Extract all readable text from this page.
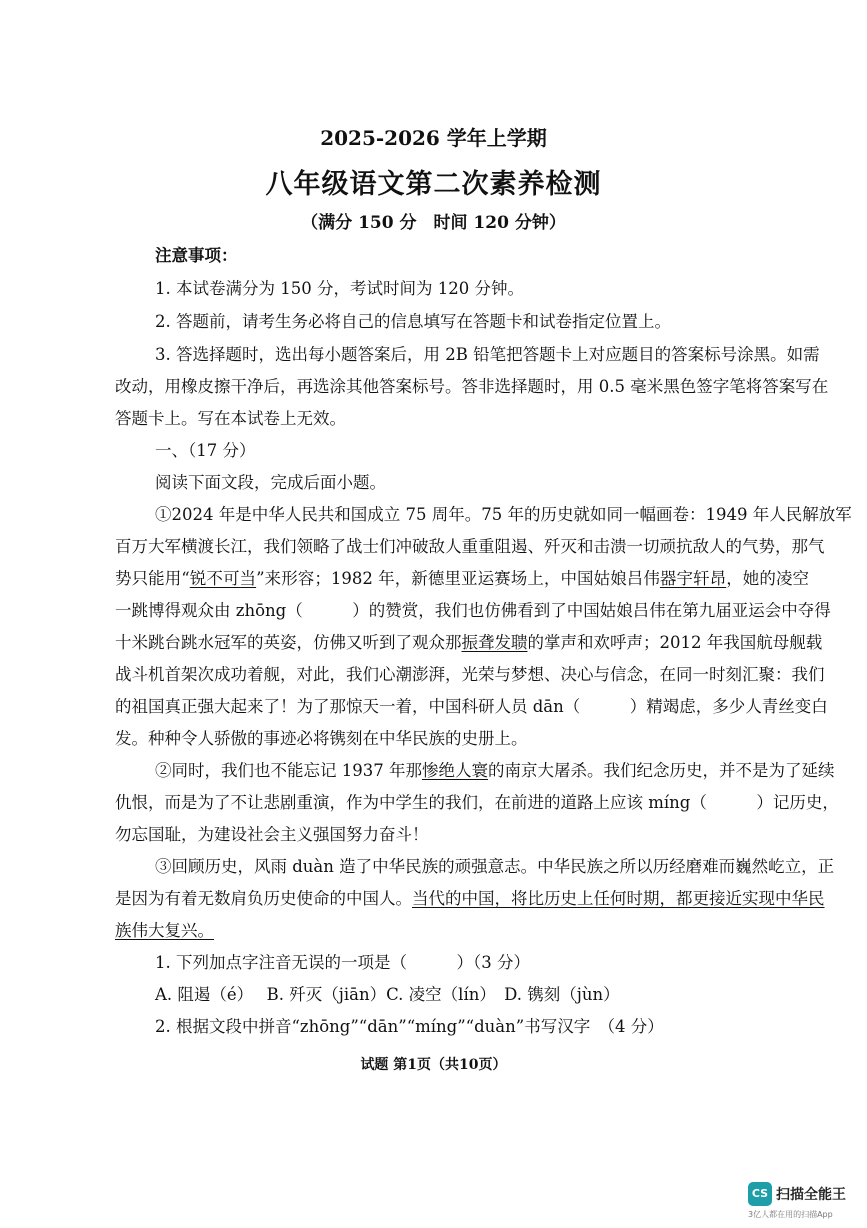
2025-2026 学年上学期
八年级语文第二次素养检测
（满分 150 分　时间 120 分钟）
注意事项：
1. 本试卷满分为 150 分，考试时间为 120 分钟。
2. 答题前，请考生务必将自己的信息填写在答题卡和试卷指定位置上。
3. 答选择题时，选出每小题答案后，用 2B 铅笔把答题卡上对应题目的答案标号涂黑。如需
改动，用橡皮擦干净后，再选涂其他答案标号。答非选择题时，用 0.5 毫米黑色签字笔将答案写在
答题卡上。写在本试卷上无效。
一、（17 分）
阅读下面文段，完成后面小题。
①2024 年是中华人民共和国成立 75 周年。75 年的历史就如同一幅画卷：1949 年人民解放军
百万大军横渡长江，我们领略了战士们冲破敌人重重阻遏、歼灭和击溃一切顽抗敌人的气势，那气
势只能用“锐不可当”来形容；1982 年，新德里亚运赛场上，中国姑娘吕伟器宇轩昂，她的凌空
一跳博得观众由 zhōng（　　　）的赞赏，我们也仿佛看到了中国姑娘吕伟在第九届亚运会中夺得
十米跳台跳水冠军的英姿，仿佛又听到了观众那振聋发聩的掌声和欢呼声；2012 年我国航母舰载
战斗机首架次成功着舰，对此，我们心潮澎湃，光荣与梦想、决心与信念，在同一时刻汇聚：我们
的祖国真正强大起来了！为了那惊天一着，中国科研人员 dān（　　　）精竭虑，多少人青丝变白
发。种种令人骄傲的事迹必将镌刻在中华民族的史册上。
②同时，我们也不能忘记 1937 年那惨绝人寰的南京大屠杀。我们纪念历史，并不是为了延续
仇恨，而是为了不让悲剧重演，作为中学生的我们，在前进的道路上应该 míng（　　　）记历史，
勿忘国耻，为建设社会主义强国努力奋斗！
③回顾历史，风雨 duàn 造了中华民族的顽强意志。中华民族之所以历经磨难而巍然屹立，正
是因为有着无数肩负历史使命的中国人。当代的中国，将比历史上任何时期，都更接近实现中华民
族伟大复兴。
1. 下列加点字注音无误的一项是（　　　）（3 分）
A. 阻遏（é）　 B. 歼灭（jiān）C. 凌空（lín）　D. 镌刻（jùn）
2. 根据文段中拼音“zhōng”“dān”“míng”“duàn”书写汉字　（4 分）
试题 第1页（共10页）
CS 扫描全能王
3亿人都在用的扫描App
